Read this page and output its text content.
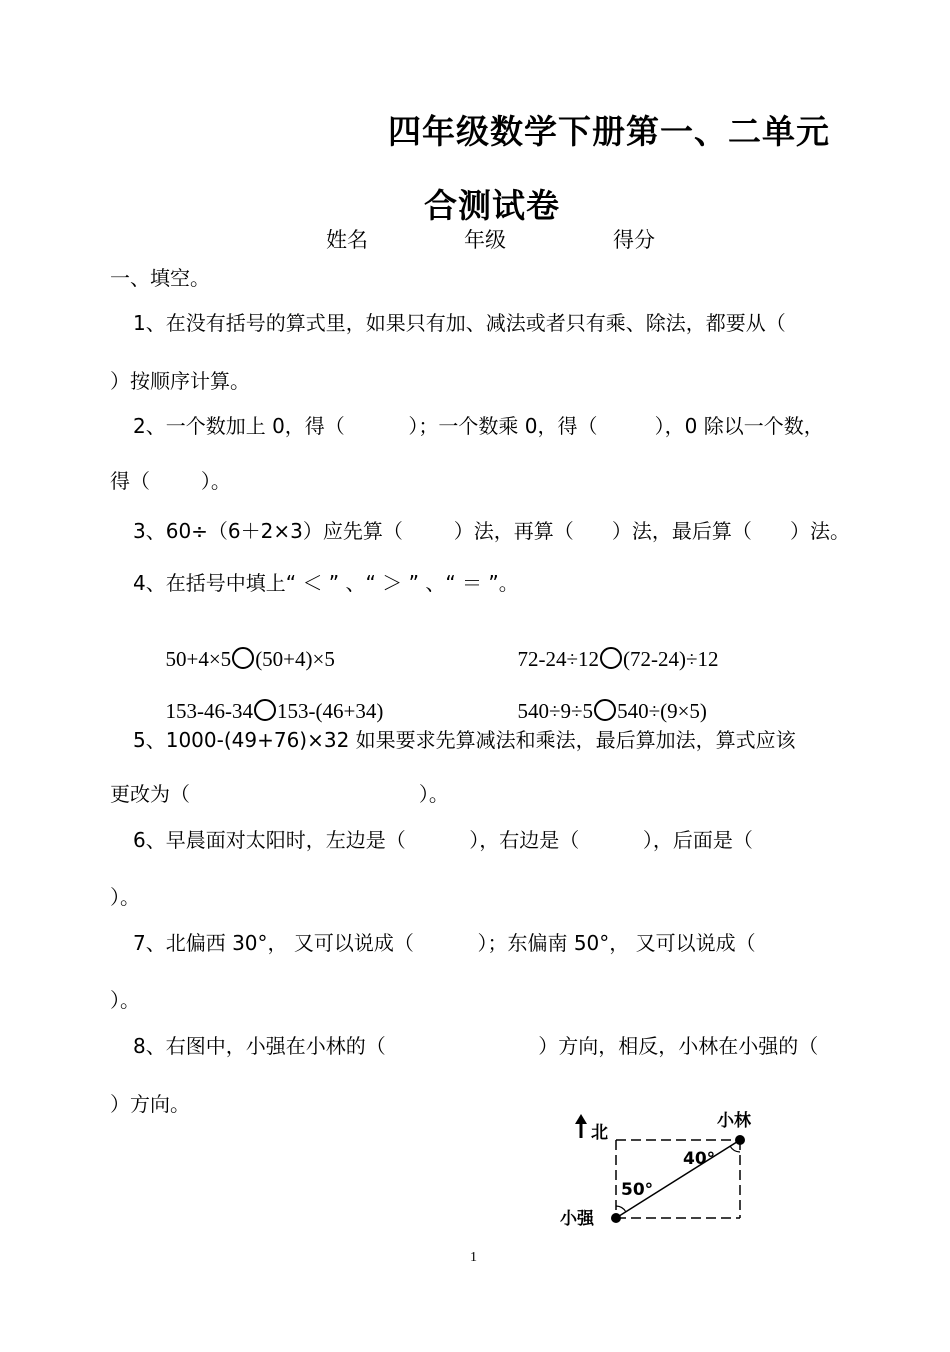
四年级数学下册第一、二单元
合测试卷
姓名	年级	得分
一、填空。
1、在没有括号的算式里，如果只有加、减法或者只有乘、除法，都要从（
）按顺序计算。
2、一个数加上 0，得（          ）；一个数乘 0，得（         ），0 除以一个数，
得（        ）。
3、60÷（6＋2×3）应先算（        ）法，再算（      ）法，最后算（      ）法。
4、在括号中填上“ ＜ ” 、“ ＞ ” 、“ ＝ ”。

50+4×5 (50+4)×5	72-24÷12 (72-24)÷12

153-46-34 153-(46+34)	540÷9÷5 540÷(9×5)

5、1000-(49+76)×32 如果要求先算减法和乘法，最后算加法，算式应该
更改为（                                    ）。
6、早晨面对太阳时，左边是（          ），右边是（          ），后面是（
）。
7、北偏西 30°， 又可以说成（          ）；东偏南 50°， 又可以说成（
）。
8、右图中，小强在小林的（                        ）方向，相反，小林在小强的（
）方向。
北
小林
小强
40°
50°
1
